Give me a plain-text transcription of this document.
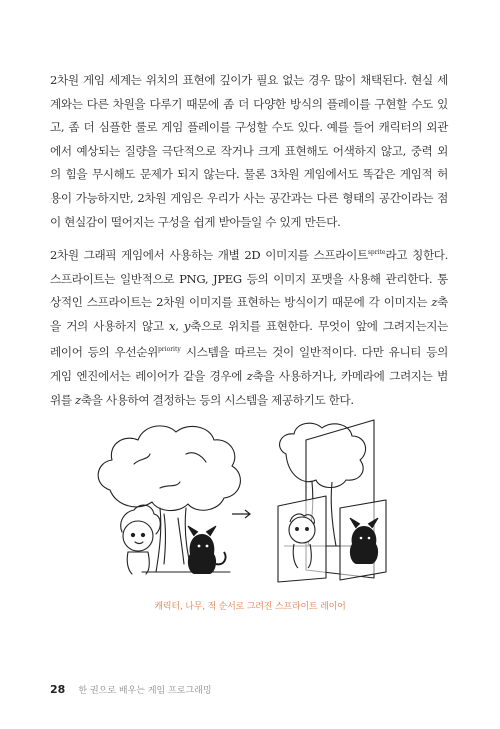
2차원 게임 세계는 위치의 표현에 깊이가 필요 없는 경우 많이 채택된다. 현실 세
계와는 다른 차원을 다루기 때문에 좀 더 다양한 방식의 플레이를 구현할 수도 있
고, 좀 더 심플한 룰로 게임 플레이를 구성할 수도 있다. 예를 들어 캐릭터의 외관
에서 예상되는 질량을 극단적으로 작거나 크게 표현해도 어색하지 않고, 중력 외
의 힘을 무시해도 문제가 되지 않는다. 물론 3차원 게임에서도 똑같은 게임적 허
용이 가능하지만, 2차원 게임은 우리가 사는 공간과는 다른 형태의 공간이라는 점
이 현실감이 떨어지는 구성을 쉽게 받아들일 수 있게 만든다.
2차원 그래픽 게임에서 사용하는 개별 2D 이미지를 스프라이트$^{sprite}$라고 칭한다.
스프라이트는 일반적으로 PNG, JPEG 등의 이미지 포맷을 사용해 관리한다. 통
상적인 스프라이트는 2차원 이미지를 표현하는 방식이기 때문에 각 이미지는 z축
을 거의 사용하지 않고 x, y축으로 위치를 표현한다. 무엇이 앞에 그려지는지는
레이어 등의 우선순위$^{priority}$ 시스템을 따르는 것이 일반적이다. 다만 유니티 등의
게임 엔진에서는 레이어가 같을 경우에 z축을 사용하거나, 카메라에 그려지는 범
위를 z축을 사용하여 결정하는 등의 시스템을 제공하기도 한다.
캐릭터, 나무, 적 순서로 그려진 스프라이트 레이어
28 한 권으로 배우는 게임 프로그래밍
